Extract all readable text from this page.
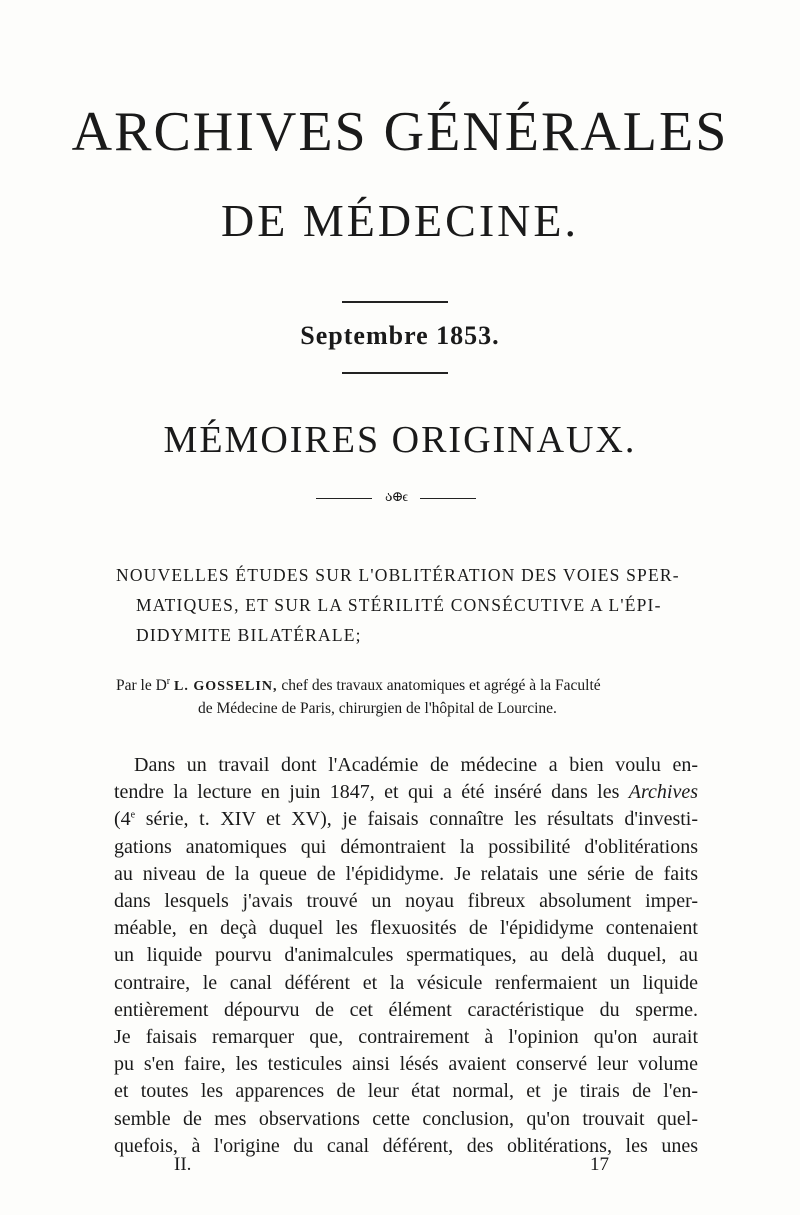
ARCHIVES GÉNÉRALES
DE MÉDECINE.
Septembre 1853.
MÉMOIRES ORIGINAUX.
ა⊕ϵ
NOUVELLES ÉTUDES SUR L'OBLITÉRATION DES VOIES SPER-
MATIQUES, ET SUR LA STÉRILITÉ CONSÉCUTIVE A L'ÉPI-
DIDYMITE BILATÉRALE;
Par le $D^r$ L. GOSSELIN, chef des travaux anatomiques et agrégé à la Faculté
de Médecine de Paris, chirurgien de l'hôpital de Lourcine.
Dans un travail dont l'Académie de médecine a bien voulu en-
tendre la lecture en juin 1847, et qui a été inséré dans les Archives
(4e série, t. XIV et XV), je faisais connaître les résultats d'investi-
gations anatomiques qui démontraient la possibilité d'oblitérations
au niveau de la queue de l'épididyme. Je relatais une série de faits
dans lesquels j'avais trouvé un noyau fibreux absolument imper-
méable, en deçà duquel les flexuosités de l'épididyme contenaient
un liquide pourvu d'animalcules spermatiques, au delà duquel, au
contraire, le canal déférent et la vésicule renfermaient un liquide
entièrement dépourvu de cet élément caractéristique du sperme.
Je faisais remarquer que, contrairement à l'opinion qu'on aurait
pu s'en faire, les testicules ainsi lésés avaient conservé leur volume
et toutes les apparences de leur état normal, et je tirais de l'en-
semble de mes observations cette conclusion, qu'on trouvait quel-
quefois, à l'origine du canal déférent, des oblitérations, les unes
II.	17
